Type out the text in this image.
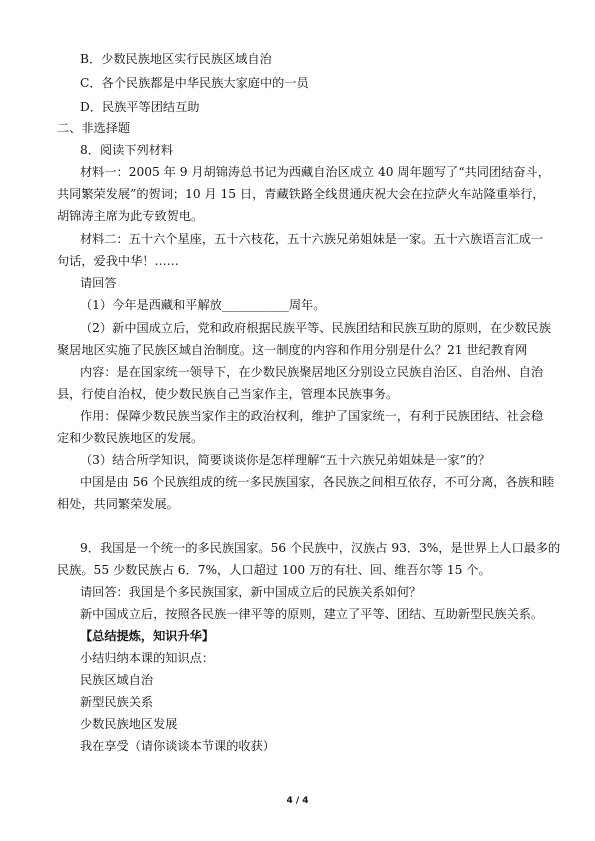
B．少数民族地区实行民族区域自治
C．各个民族都是中华民族大家庭中的一员
D．民族平等团结互助
二、非选择题
8．阅读下列材料
材料一：2005 年 9 月胡锦涛总书记为西藏自治区成立 40 周年题写了“共同团结奋斗，
共同繁荣发展”的贺词；10 月 15 日，青藏铁路全线贯通庆祝大会在拉萨火车站隆重举行，
胡锦涛主席为此专致贺电。
材料二：五十六个星座，五十六枝花，五十六族兄弟姐妹是一家。五十六族语言汇成一
句话，爱我中华！……
请回答
（1）今年是西藏和平解放___________周年。
（2）新中国成立后，党和政府根据民族平等、民族团结和民族互助的原则，在少数民族
聚居地区实施了民族区域自治制度。这一制度的内容和作用分别是什么？21 世纪教育网
内容：是在国家统一领导下，在少数民族聚居地区分别设立民族自治区、自治州、自治
县，行使自治权，使少数民族自己当家作主，管理本民族事务。
作用：保障少数民族当家作主的政治权利，维护了国家统一，有利于民族团结、社会稳
定和少数民族地区的发展。
（3）结合所学知识，简要谈谈你是怎样理解“五十六族兄弟姐妹是一家”的？
中国是由 56 个民族组成的统一多民族国家，各民族之间相互依存，不可分离，各族和睦
相处，共同繁荣发展。
9．我国是一个统一的多民族国家。56 个民族中，汉族占 93．3%，是世界上人口最多的
民族。55 少数民族占 6．7%，人口超过 100 万的有壮、回、维吾尔等 15 个。
请回答：我国是个多民族国家，新中国成立后的民族关系如何？
新中国成立后，按照各民族一律平等的原则，建立了平等、团结、互助新型民族关系。
【总结提炼，知识升华】
小结归纳本课的知识点：
民族区域自治
新型民族关系
少数民族地区发展
我在享受（请你谈谈本节课的收获）
4 / 4
